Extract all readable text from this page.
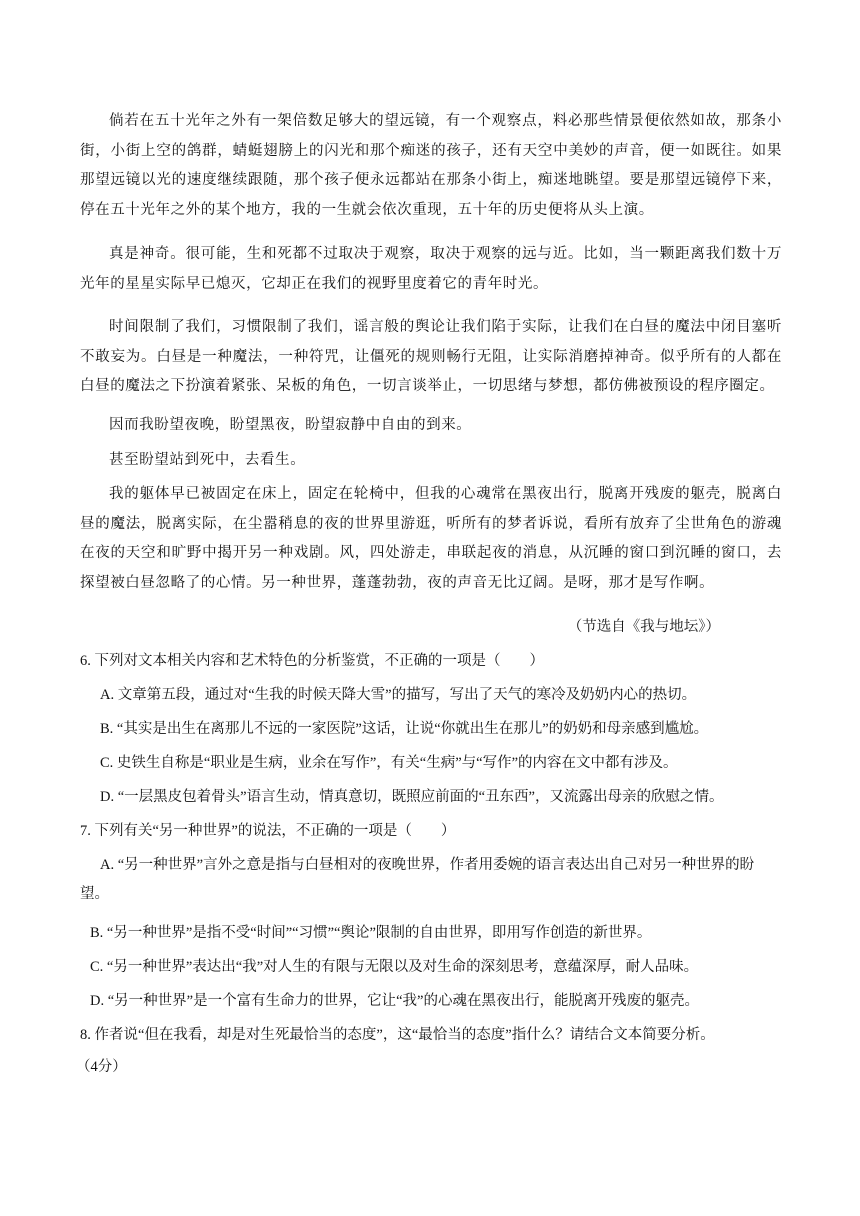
倘若在五十光年之外有一架倍数足够大的望远镜，有一个观察点，料必那些情景便依然如故，那条小街，小街上空的鸽群，蜻蜓翅膀上的闪光和那个痴迷的孩子，还有天空中美妙的声音，便一如既往。如果那望远镜以光的速度继续跟随，那个孩子便永远都站在那条小街上，痴迷地眺望。要是那望远镜停下来，停在五十光年之外的某个地方，我的一生就会依次重现，五十年的历史便将从头上演。

真是神奇。很可能，生和死都不过取决于观察，取决于观察的远与近。比如，当一颗距离我们数十万光年的星星实际早已熄灭，它却正在我们的视野里度着它的青年时光。

时间限制了我们，习惯限制了我们，谣言般的舆论让我们陷于实际，让我们在白昼的魔法中闭目塞听不敢妄为。白昼是一种魔法，一种符咒，让僵死的规则畅行无阻，让实际消磨掉神奇。似乎所有的人都在白昼的魔法之下扮演着紧张、呆板的角色，一切言谈举止，一切思绪与梦想，都仿佛被预设的程序圈定。

因而我盼望夜晚，盼望黑夜，盼望寂静中自由的到来。

甚至盼望站到死中，去看生。

我的躯体早已被固定在床上，固定在轮椅中，但我的心魂常在黑夜出行，脱离开残废的躯壳，脱离白昼的魔法，脱离实际，在尘嚣稍息的夜的世界里游逛，听所有的梦者诉说，看所有放弃了尘世角色的游魂在夜的天空和旷野中揭开另一种戏剧。风，四处游走，串联起夜的消息，从沉睡的窗口到沉睡的窗口，去探望被白昼忽略了的心情。另一种世界，蓬蓬勃勃，夜的声音无比辽阔。是呀，那才是写作啊。

（节选自《我与地坛》）

6. 下列对文本相关内容和艺术特色的分析鉴赏，不正确的一项是（　　）

A. 文章第五段，通过对“生我的时候天降大雪”的描写，写出了天气的寒冷及奶奶内心的热切。

B. “其实是出生在离那儿不远的一家医院”这话，让说“你就出生在那儿”的奶奶和母亲感到尴尬。

C. 史铁生自称是“职业是生病，业余在写作”，有关“生病”与“写作”的内容在文中都有涉及。

D. “一层黑皮包着骨头”语言生动，情真意切，既照应前面的“丑东西”，又流露出母亲的欣慰之情。

7. 下列有关“另一种世界”的说法，不正确的一项是（　　）

A. “另一种世界”言外之意是指与白昼相对的夜晚世界，作者用委婉的语言表达出自己对另一种世界的盼望。

B. “另一种世界”是指不受“时间”“习惯”“舆论”限制的自由世界，即用写作创造的新世界。

C. “另一种世界”表达出“我”对人生的有限与无限以及对生命的深刻思考，意蕴深厚，耐人品味。

D. “另一种世界”是一个富有生命力的世界，它让“我”的心魂在黑夜出行，能脱离开残废的躯壳。

8. 作者说“但在我看，却是对生死最恰当的态度”，这“最恰当的态度”指什么？请结合文本简要分析。

（4分）
